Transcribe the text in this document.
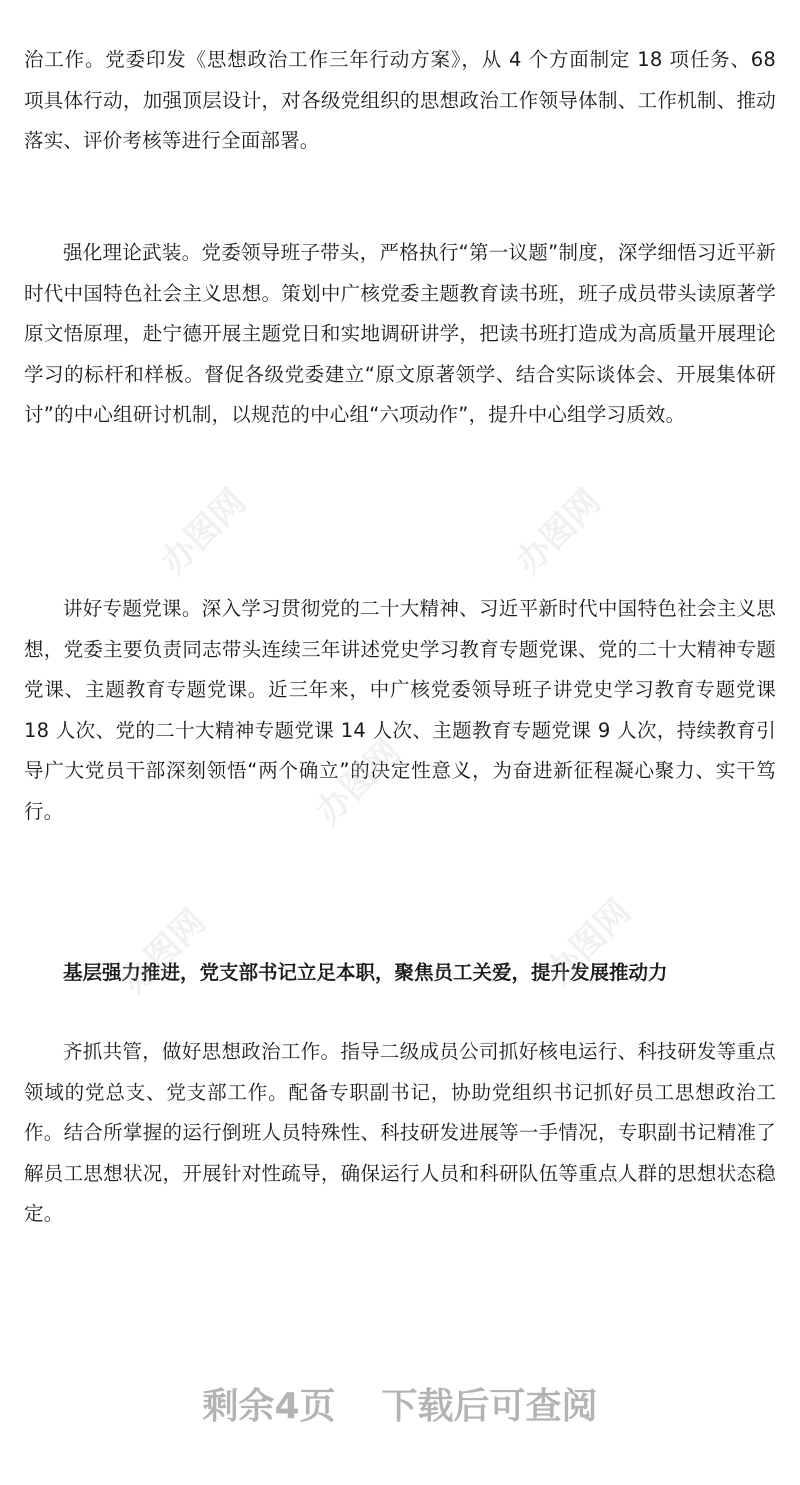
治工作。党委印发《思想政治工作三年行动方案》，从 4 个方面制定 18 项任务、68 项具体行动，加强顶层设计，对各级党组织的思想政治工作领导体制、工作机制、推动落实、评价考核等进行全面部署。

强化理论武装。党委领导班子带头，严格执行“第一议题”制度，深学细悟习近平新时代中国特色社会主义思想。策划中广核党委主题教育读书班，班子成员带头读原著学原文悟原理，赴宁德开展主题党日和实地调研讲学，把读书班打造成为高质量开展理论学习的标杆和样板。督促各级党委建立“原文原著领学、结合实际谈体会、开展集体研讨”的中心组研讨机制，以规范的中心组“六项动作”，提升中心组学习质效。

讲好专题党课。深入学习贯彻党的二十大精神、习近平新时代中国特色社会主义思想，党委主要负责同志带头连续三年讲述党史学习教育专题党课、党的二十大精神专题党课、主题教育专题党课。近三年来，中广核党委领导班子讲党史学习教育专题党课 18 人次、党的二十大精神专题党课 14 人次、主题教育专题党课 9 人次，持续教育引导广大党员干部深刻领悟“两个确立”的决定性意义，为奋进新征程凝心聚力、实干笃行。

基层强力推进，党支部书记立足本职，聚焦员工关爱，提升发展推动力

齐抓共管，做好思想政治工作。指导二级成员公司抓好核电运行、科技研发等重点领域的党总支、党支部工作。配备专职副书记，协助党组织书记抓好员工思想政治工作。结合所掌握的运行倒班人员特殊性、科技研发进展等一手情况，专职副书记精准了解员工思想状况，开展针对性疏导，确保运行人员和科研队伍等重点人群的思想状态稳定。

办图网	办图网
办图网
办图网	办图网
剩余4页 下载后可查阅
